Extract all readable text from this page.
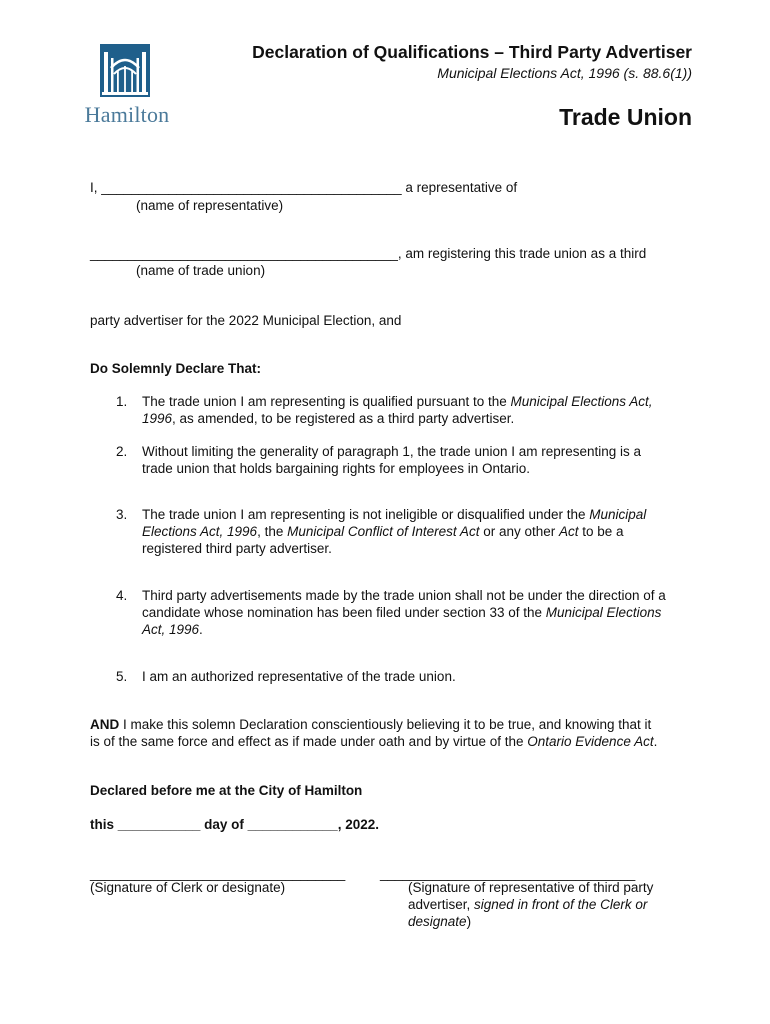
Hamilton
Declaration of Qualifications – Third Party Advertiser
Municipal Elections Act, 1996 (s. 88.6(1))
Trade Union
I, ________________________________________ a representative of
(name of representative)
_________________________________________, am registering this trade union as a third
(name of trade union)
party advertiser for the 2022 Municipal Election, and
Do Solemnly Declare That:
1. The trade union I am representing is qualified pursuant to the Municipal Elections Act,
1996, as amended, to be registered as a third party advertiser.
2. Without limiting the generality of paragraph 1, the trade union I am representing is a
trade union that holds bargaining rights for employees in Ontario.
3. The trade union I am representing is not ineligible or disqualified under the Municipal
Elections Act, 1996, the Municipal Conflict of Interest Act or any other Act to be a
registered third party advertiser.
4. Third party advertisements made by the trade union shall not be under the direction of a
candidate whose nomination has been filed under section 33 of the Municipal Elections
Act, 1996.
5. I am an authorized representative of the trade union.
AND I make this solemn Declaration conscientiously believing it to be true, and knowing that it
is of the same force and effect as if made under oath and by virtue of the Ontario Evidence Act.
Declared before me at the City of Hamilton
this ___________ day of ____________, 2022.
__________________________________
(Signature of Clerk or designate)
__________________________________
(Signature of representative of third party
advertiser, signed in front of the Clerk or
designate)
